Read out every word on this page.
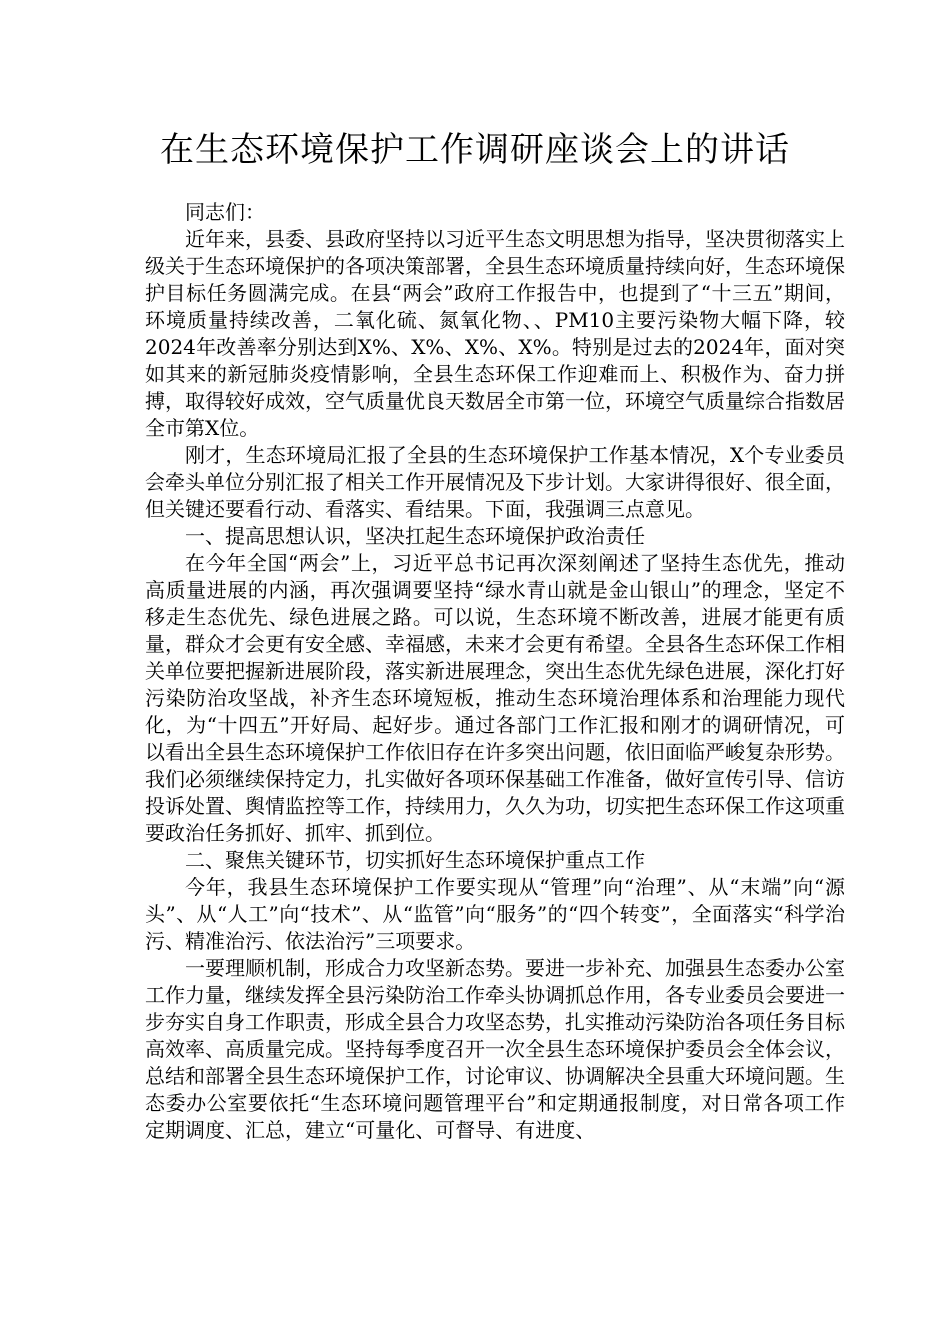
在生态环境保护工作调研座谈会上的讲话

同志们：

近年来，县委、县政府坚持以习近平生态文明思想为指导，坚决贯彻落实上级关于生态环境保护的各项决策部署，全县生态环境质量持续向好，生态环境保护目标任务圆满完成。在县“两会”政府工作报告中，也提到了“十三五”期间，环境质量持续改善，二氧化硫、氮氧化物、、PM10主要污染物大幅下降，较2024年改善率分别达到X%、X%、X%、X%。特别是过去的2024年，面对突如其来的新冠肺炎疫情影响，全县生态环保工作迎难而上、积极作为、奋力拼搏，取得较好成效，空气质量优良天数居全市第一位，环境空气质量综合指数居全市第X位。

刚才，生态环境局汇报了全县的生态环境保护工作基本情况，X个专业委员会牵头单位分别汇报了相关工作开展情况及下步计划。大家讲得很好、很全面，但关键还要看行动、看落实、看结果。下面，我强调三点意见。

一、提高思想认识，坚决扛起生态环境保护政治责任

在今年全国“两会”上，习近平总书记再次深刻阐述了坚持生态优先，推动高质量进展的内涵，再次强调要坚持“绿水青山就是金山银山”的理念，坚定不移走生态优先、绿色进展之路。可以说，生态环境不断改善，进展才能更有质量，群众才会更有安全感、幸福感，未来才会更有希望。全县各生态环保工作相关单位要把握新进展阶段，落实新进展理念，突出生态优先绿色进展，深化打好污染防治攻坚战，补齐生态环境短板，推动生态环境治理体系和治理能力现代化，为“十四五”开好局、起好步。通过各部门工作汇报和刚才的调研情况，可以看出全县生态环境保护工作依旧存在许多突出问题，依旧面临严峻复杂形势。我们必须继续保持定力，扎实做好各项环保基础工作准备，做好宣传引导、信访投诉处置、舆情监控等工作，持续用力，久久为功，切实把生态环保工作这项重要政治任务抓好、抓牢、抓到位。

二、聚焦关键环节，切实抓好生态环境保护重点工作

今年，我县生态环境保护工作要实现从“管理”向“治理”、从“末端”向“源头”、从“人工”向“技术”、从“监管”向“服务”的“四个转变”，全面落实“科学治污、精准治污、依法治污”三项要求。

一要理顺机制，形成合力攻坚新态势。要进一步补充、加强县生态委办公室工作力量，继续发挥全县污染防治工作牵头协调抓总作用，各专业委员会要进一步夯实自身工作职责，形成全县合力攻坚态势，扎实推动污染防治各项任务目标高效率、高质量完成。坚持每季度召开一次全县生态环境保护委员会全体会议，总结和部署全县生态环境保护工作，讨论审议、协调解决全县重大环境问题。生态委办公室要依托“生态环境问题管理平台”和定期通报制度，对日常各项工作定期调度、汇总，建立“可量化、可督导、有进度、
